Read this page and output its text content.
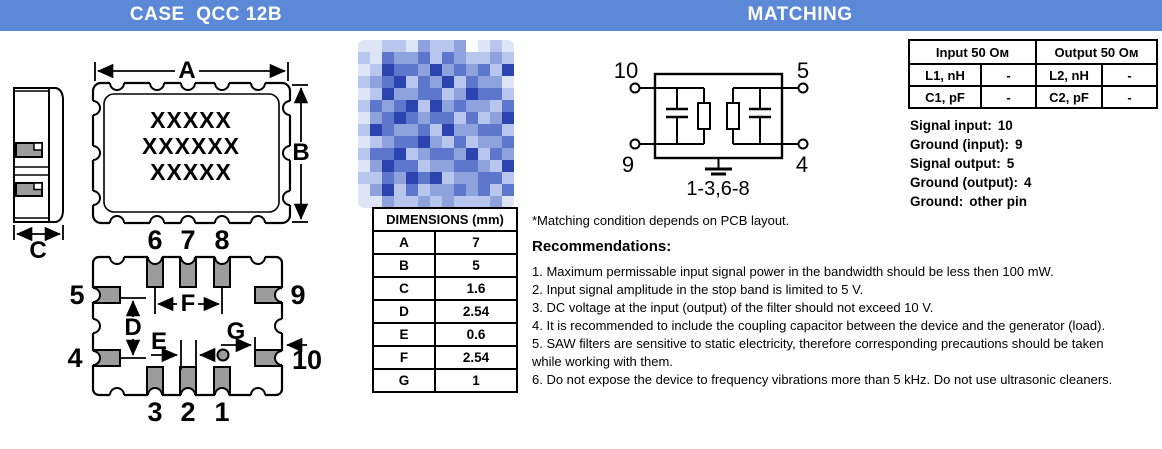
CASE  QCC 12B	MATCHING
C
XXXXX
XXXXXX
XXXXX
A
B
6 7 8
3 2 1
5
4
9
10
D
F
E G
DIMENSIONS (mm)	
A	7
B	5
C	1.6
D	2.54
E	0.6
F	2.54
G	1
10	5
9	4
1-3,6-8
Input 50 Ом		Output 50 Ом	
L1, nH	-	L2, nH	-
C1, pF	-	C2, pF	-
Signal input: 10
Ground (input): 9
Signal output: 5
Ground (output): 4
Ground: other pin

*Matching condition depends on PCB layout.

Recommendations:

1. Maximum permissable input signal power in the bandwidth should be less then 100 mW.

2. Input signal amplitude in the stop band is limited to 5 V.

3. DC voltage at the input (output) of the filter should not exceed 10 V.

4. It is recommended to include the coupling capacitor between the device and the generator (load).

5. SAW filters are sensitive to static electricity, therefore corresponding precautions should be taken while working with them.

6. Do not expose the device to frequency vibrations more than 5 kHz. Do not use ultrasonic cleaners.
